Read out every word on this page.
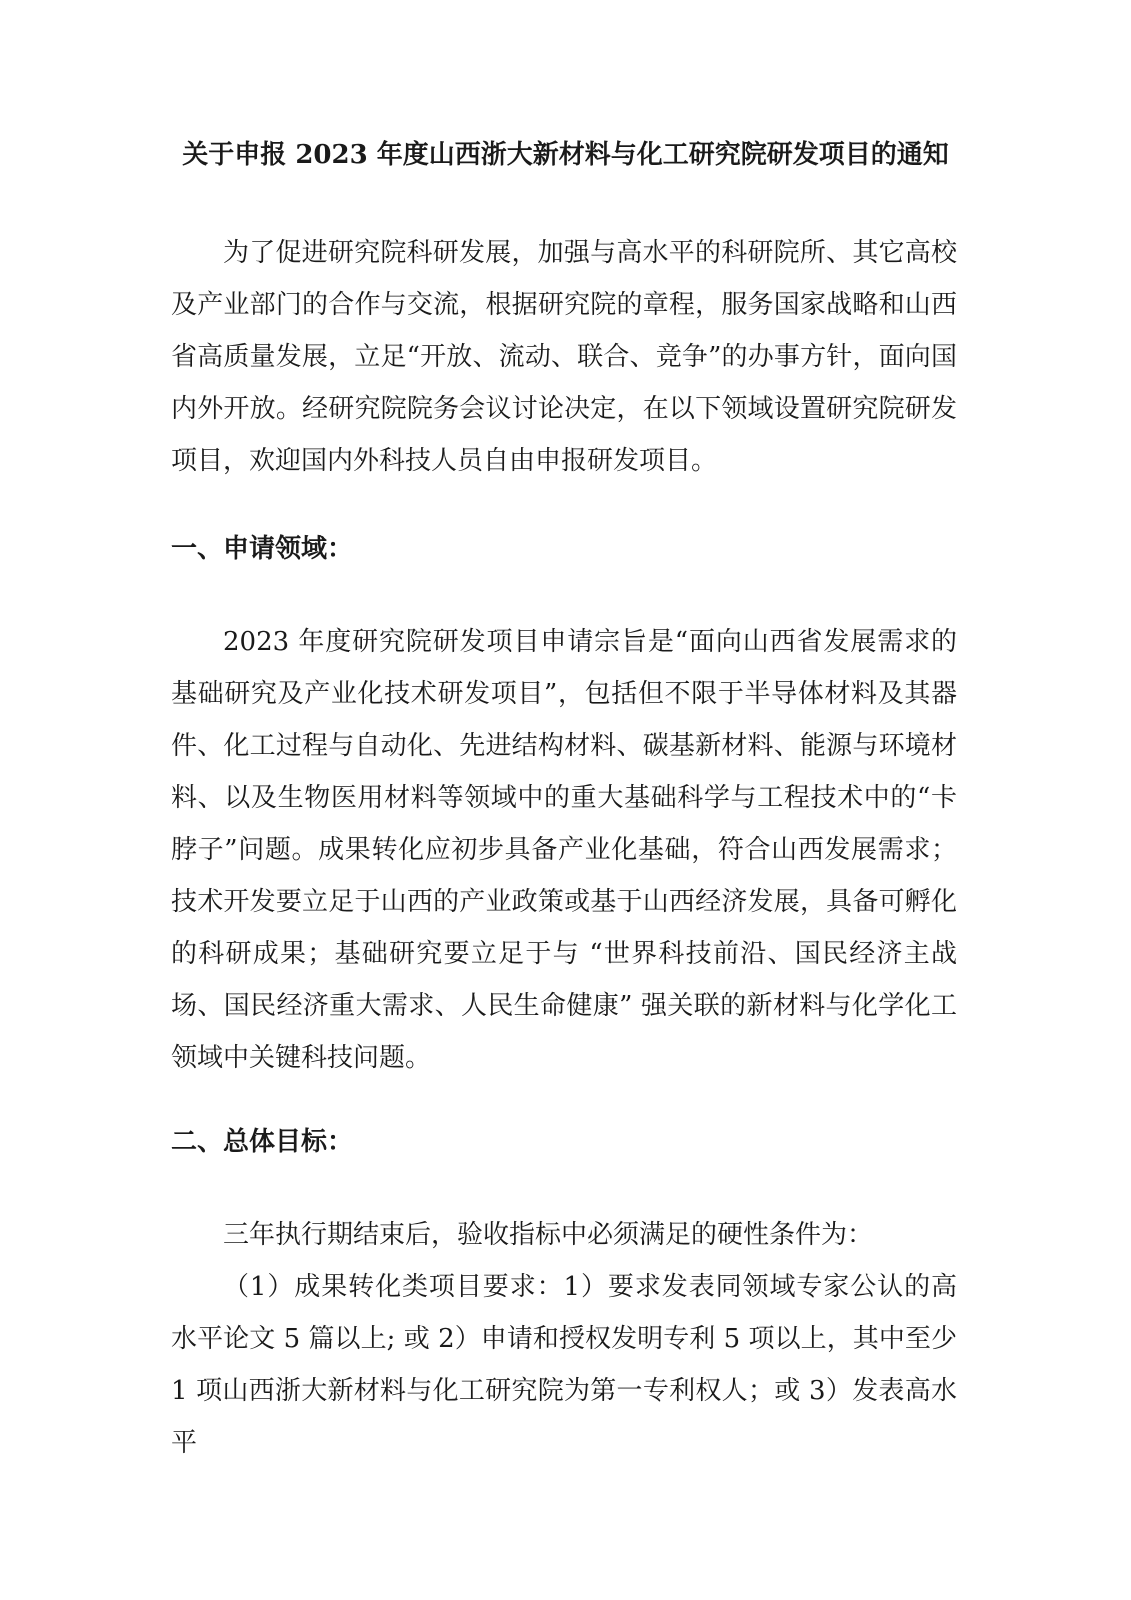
关于申报 2023 年度山西浙大新材料与化工研究院研发项目的通知

为了促进研究院科研发展，加强与高水平的科研院所、其它高校及产业部门的合作与交流，根据研究院的章程，服务国家战略和山西省高质量发展，立足“开放、流动、联合、竞争”的办事方针，面向国内外开放。经研究院院务会议讨论决定，在以下领域设置研究院研发项目，欢迎国内外科技人员自由申报研发项目。

一、申请领域：

2023 年度研究院研发项目申请宗旨是“面向山西省发展需求的基础研究及产业化技术研发项目”，包括但不限于半导体材料及其器件、化工过程与自动化、先进结构材料、碳基新材料、能源与环境材料、以及生物医用材料等领域中的重大基础科学与工程技术中的“卡脖子”问题。成果转化应初步具备产业化基础，符合山西发展需求；技术开发要立足于山西的产业政策或基于山西经济发展，具备可孵化的科研成果；基础研究要立足于与 “世界科技前沿、国民经济主战场、国民经济重大需求、人民生命健康” 强关联的新材料与化学化工领域中关键科技问题。

二、总体目标：

三年执行期结束后，验收指标中必须满足的硬性条件为：

（1）成果转化类项目要求：1）要求发表同领域专家公认的高水平论文 5 篇以上; 或 2）申请和授权发明专利 5 项以上，其中至少 1 项山西浙大新材料与化工研究院为第一专利权人；或 3）发表高水平
